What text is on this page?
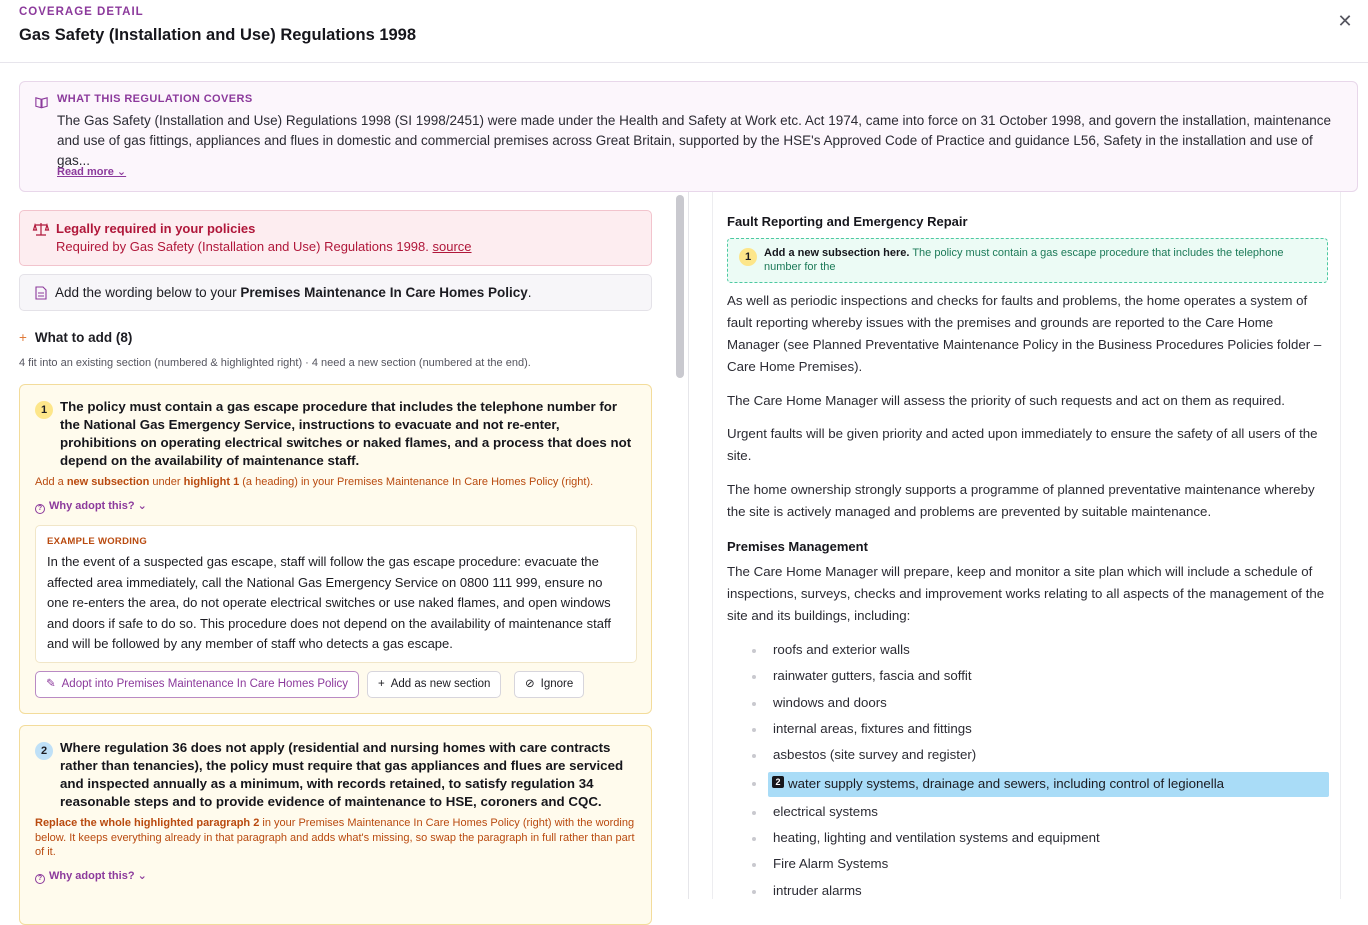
COVERAGE DETAIL
Gas Safety (Installation and Use) Regulations 1998
✕
WHAT THIS REGULATION COVERS
The Gas Safety (Installation and Use) Regulations 1998 (SI 1998/2451) were made under the Health and Safety at Work etc. Act 1974, came into force on 31 October 1998, and govern the installation, maintenance and use of gas fittings, appliances and flues in domestic and commercial premises across Great Britain, supported by the HSE's Approved Code of Practice and guidance L56, Safety in the installation and use of gas...
Read more ⌄
Legally required in your policies
Required by Gas Safety (Installation and Use) Regulations 1998. source
Add the wording below to your Premises Maintenance In Care Homes Policy.
+ What to add (8)
4 fit into an existing section (numbered & highlighted right) · 4 need a new section (numbered at the end).
1 The policy must contain a gas escape procedure that includes the telephone number for the National Gas Emergency Service, instructions to evacuate and not re-enter, prohibitions on operating electrical switches or naked flames, and a process that does not depend on the availability of maintenance staff.
Add a new subsection under highlight 1 (a heading) in your Premises Maintenance In Care Homes Policy (right).
? Why adopt this? ⌄
EXAMPLE WORDING
In the event of a suspected gas escape, staff will follow the gas escape procedure: evacuate the affected area immediately, call the National Gas Emergency Service on 0800 111 999, ensure no one re-enters the area, do not operate electrical switches or use naked flames, and open windows and doors if safe to do so. This procedure does not depend on the availability of maintenance staff and will be followed by any member of staff who detects a gas escape.
✎ Adopt into Premises Maintenance In Care Homes Policy	+ Add as new section	⊘ Ignore
2 Where regulation 36 does not apply (residential and nursing homes with care contracts rather than tenancies), the policy must require that gas appliances and flues are serviced and inspected annually as a minimum, with records retained, to satisfy regulation 34 reasonable steps and to provide evidence of maintenance to HSE, coroners and CQC.
Replace the whole highlighted paragraph 2 in your Premises Maintenance In Care Homes Policy (right) with the wording below. It keeps everything already in that paragraph and adds what's missing, so swap the paragraph in full rather than part of it.
? Why adopt this? ⌄
Fault Reporting and Emergency Repair
1	Add a new subsection here. The policy must contain a gas escape procedure that includes the telephone number for the

As well as periodic inspections and checks for faults and problems, the home operates a system of fault reporting whereby issues with the premises and grounds are reported to the Care Home Manager (see Planned Preventative Maintenance Policy in the Business Procedures Policies folder – Care Home Premises).

The Care Home Manager will assess the priority of such requests and act on them as required.

Urgent faults will be given priority and acted upon immediately to ensure the safety of all users of the site.

The home ownership strongly supports a programme of planned preventative maintenance whereby the site is actively managed and problems are prevented by suitable maintenance.

Premises Management

The Care Home Manager will prepare, keep and monitor a site plan which will include a schedule of inspections, surveys, checks and improvement works relating to all aspects of the management of the site and its buildings, including:

roofs and exterior walls
rainwater gutters, fascia and soffit
windows and doors
internal areas, fixtures and fittings
asbestos (site survey and register)
2 water supply systems, drainage and sewers, including control of legionella
electrical systems
heating, lighting and ventilation systems and equipment
Fire Alarm Systems
intruder alarms
